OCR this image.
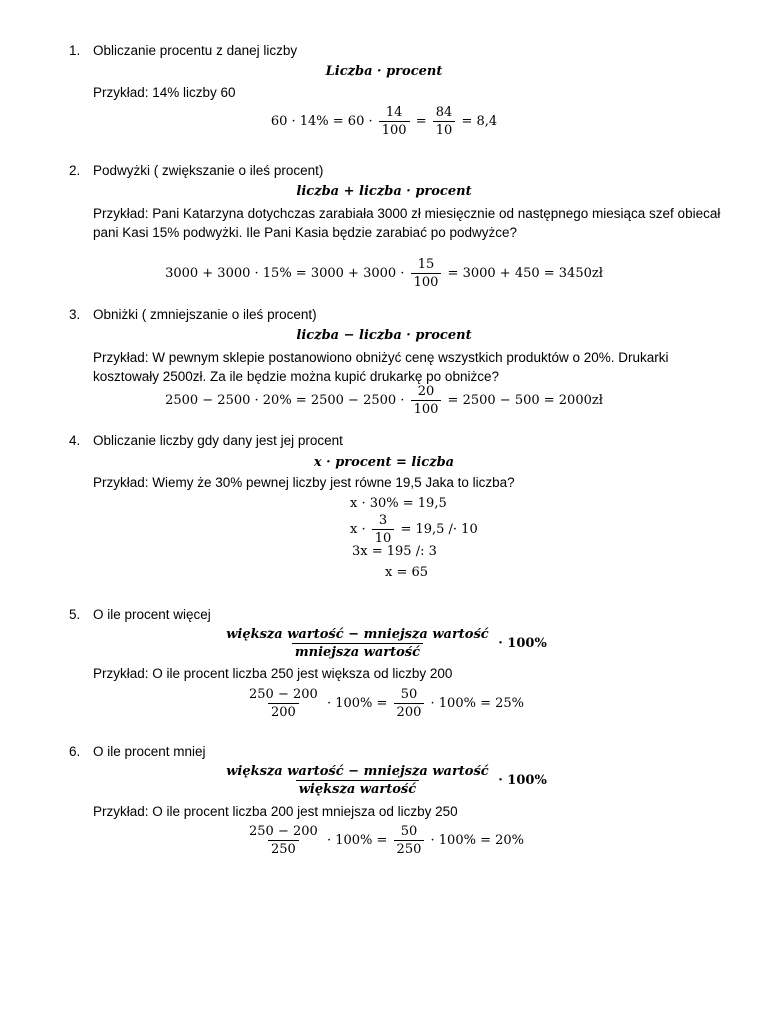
1. Obliczanie procentu z danej liczby
Liczba · procent
Przykład: 14% liczby 60
$60 \cdot 14\% = 60 \cdot \frac{14}{100} = \frac{84}{10} = 8,4$
2. Podwyżki ( zwiększanie o ileś procent)
liczba + liczba · procent
Przykład: Pani Katarzyna dotychczas zarabiała 3000 zł miesięcznie od następnego miesiąca szef obiecał pani Kasi 15% podwyżki. Ile Pani Kasia będzie zarabiać po podwyżce?
$3000 + 3000 \cdot 15\% = 3000 + 3000 \cdot \frac{15}{100} = 3000 + 450$ = 3450zł
3. Obniżki ( zmniejszanie o ileś procent)
liczba − liczba · procent
Przykład: W pewnym sklepie postanowiono obniżyć cenę wszystkich produktów o 20%. Drukarki kosztowały 2500zł. Za ile będzie można kupić drukarkę po obniżce?
$2500 - 2500 \cdot 20\% = 2500 - 2500 \cdot \frac{20}{100} = 2500 - 500$ = 2000zł
4. Obliczanie liczby gdy dany jest jej procent
x · procent = liczba
Przykład: Wiemy że 30% pewnej liczby jest równe 19,5 Jaka to liczba?
x · 30% = 19,5
$x \cdot \frac{3}{10} = 19,5 /\cdot 10$
3x = 195 /: 3
x = 65
5. O ile procent więcej
$\frac{\text{większa wartość − mniejsza wartość}}{\text{mniejsza wartość}} \cdot 100\%$
Przykład: O ile procent liczba 250 jest większa od liczby 200
$\frac{250 - 200}{200} \cdot 100\% = \frac{50}{200} \cdot 100\% = 25\%$
6. O ile procent mniej
$\frac{\text{większa wartość − mniejsza wartość}}{\text{większa wartość}} \cdot 100\%$
Przykład: O ile procent liczba 200 jest mniejsza od liczby 250
$\frac{250 - 200}{250} \cdot 100\% = \frac{50}{250} \cdot 100\% = 20\%$
